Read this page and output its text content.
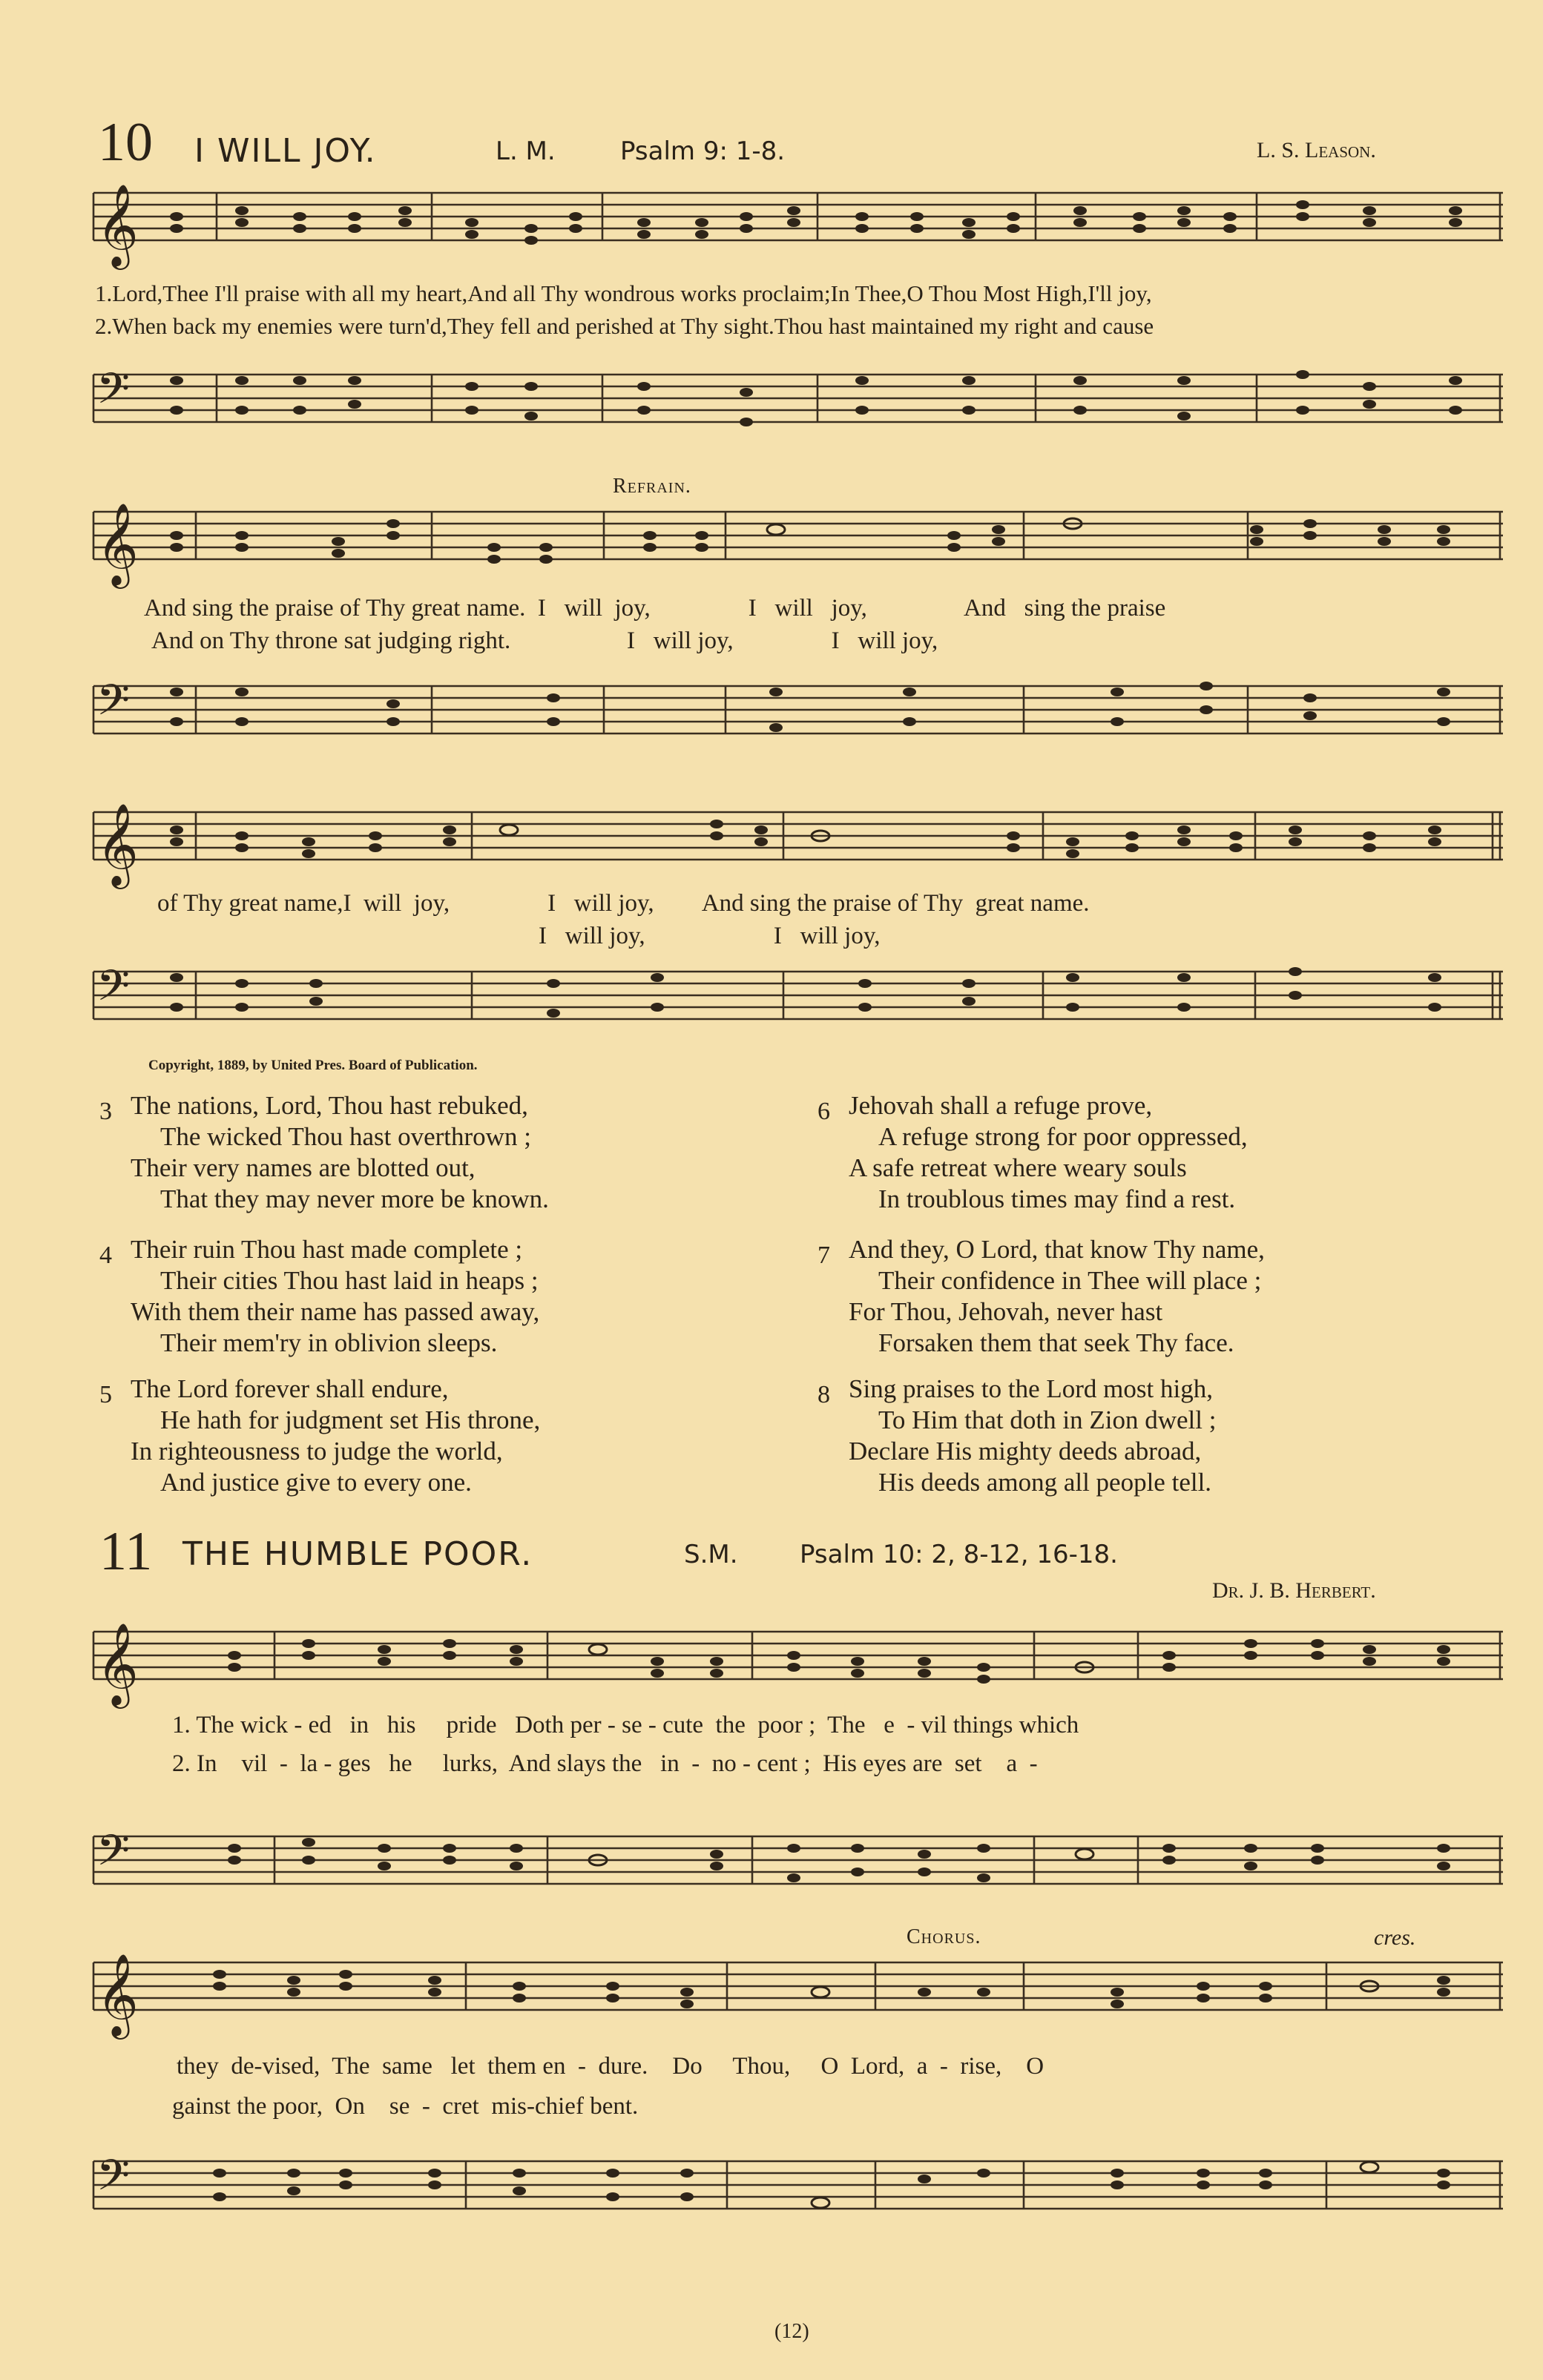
10 I WILL JOY.	L. M.	Psalm 9: 1-8.	L. S. Leason.
𝄞
1.Lord,Thee I'll praise with all my heart,And all Thy wondrous works proclaim;In Thee,O Thou Most High,I'll joy,
2.When back my enemies were turn'd,They fell and perished at Thy sight.Thou hast maintained my right and cause
𝄢
Refrain.
𝄞
And sing the praise of Thy great name.  I   will  joy,                I   will   joy,                And   sing the praise
And on Thy throne sat judging right.                   I   will joy,                I   will joy,
𝄢
𝄞
of Thy great name,I  will  joy,                I   will joy,        And sing the praise of Thy  great name.
I   will joy,                     I   will joy,
𝄢
Copyright, 1889, by United Pres. Board of Publication.
3 The nations, Lord, Thou hast rebuked,
The wicked Thou hast overthrown ;
Their very names are blotted out,
That they may never more be known.
4 Their ruin Thou hast made complete ;
Their cities Thou hast laid in heaps ;
With them their name has passed away,
Their mem'ry in oblivion sleeps.
5 The Lord forever shall endure,
He hath for judgment set His throne,
In righteousness to judge the world,
And justice give to every one.
6 Jehovah shall a refuge prove,
A refuge strong for poor oppressed,
A safe retreat where weary souls
In troublous times may find a rest.
7 And they, O Lord, that know Thy name,
Their confidence in Thee will place ;
For Thou, Jehovah, never hast
Forsaken them that seek Thy face.
8 Sing praises to the Lord most high,
To Him that doth in Zion dwell ;
Declare His mighty deeds abroad,
His deeds among all people tell.
11 THE HUMBLE POOR.	S.M. Psalm 10: 2, 8-12, 16-18.
Dr. J. B. Herbert.
𝄞
1. The wick - ed   in   his     pride   Doth per - se - cute  the  poor ;  The   e  - vil things which
2. In    vil  -  la - ges   he     lurks,  And slays the   in  -  no - cent ;  His eyes are  set    a  -
𝄢
Chorus.	cres.
𝄞
they  de-vised,  The  same   let  them en  -  dure.    Do     Thou,     O  Lord,  a  -  rise,    O
gainst the poor,  On    se  -  cret  mis-chief bent.
𝄢
(12)
